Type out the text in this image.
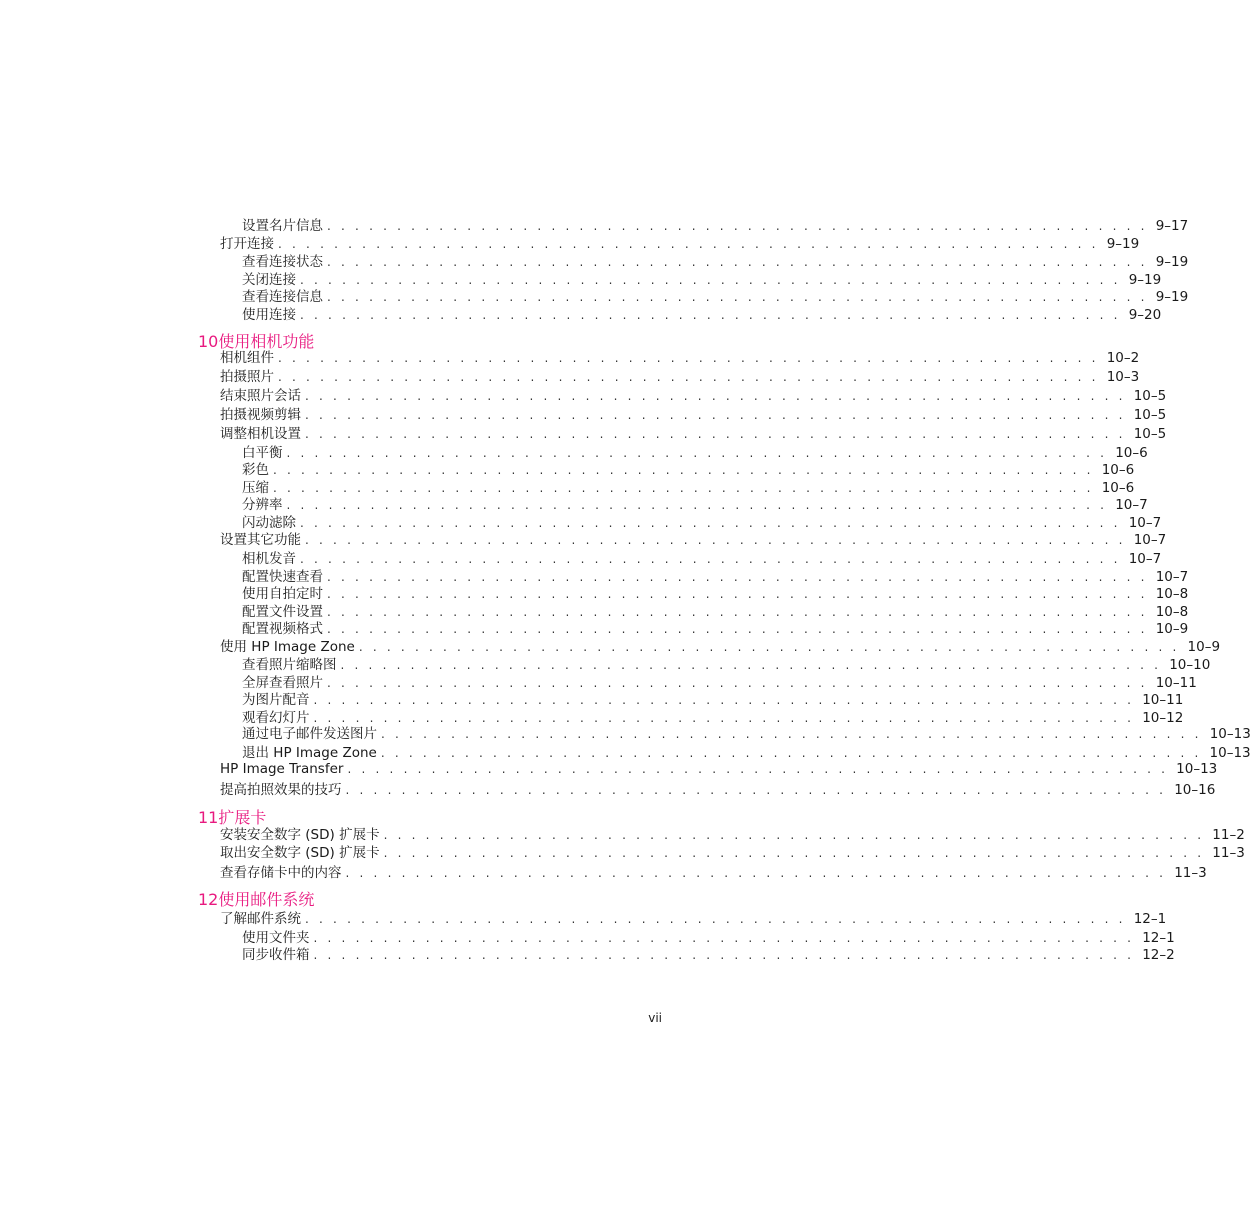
设置名片信息 . . . . . . . . . . . . . . . . . . . . . . . . . . . . . . . . . . . . . . . . . . . . . . . . . . . . . . . . . . . 9–17
打开连接 . . . . . . . . . . . . . . . . . . . . . . . . . . . . . . . . . . . . . . . . . . . . . . . . . . . . . . . . . . . 9–19
查看连接状态 . . . . . . . . . . . . . . . . . . . . . . . . . . . . . . . . . . . . . . . . . . . . . . . . . . . . . . . . . . . 9–19
关闭连接 . . . . . . . . . . . . . . . . . . . . . . . . . . . . . . . . . . . . . . . . . . . . . . . . . . . . . . . . . . . 9–19
查看连接信息 . . . . . . . . . . . . . . . . . . . . . . . . . . . . . . . . . . . . . . . . . . . . . . . . . . . . . . . . . . . 9–19
使用连接 . . . . . . . . . . . . . . . . . . . . . . . . . . . . . . . . . . . . . . . . . . . . . . . . . . . . . . . . . . . 9–20
10使用相机功能
相机组件 . . . . . . . . . . . . . . . . . . . . . . . . . . . . . . . . . . . . . . . . . . . . . . . . . . . . . . . . . . . 10–2
拍摄照片 . . . . . . . . . . . . . . . . . . . . . . . . . . . . . . . . . . . . . . . . . . . . . . . . . . . . . . . . . . . 10–3
结束照片会话 . . . . . . . . . . . . . . . . . . . . . . . . . . . . . . . . . . . . . . . . . . . . . . . . . . . . . . . . . . . 10–5
拍摄视频剪辑 . . . . . . . . . . . . . . . . . . . . . . . . . . . . . . . . . . . . . . . . . . . . . . . . . . . . . . . . . . . 10–5
调整相机设置 . . . . . . . . . . . . . . . . . . . . . . . . . . . . . . . . . . . . . . . . . . . . . . . . . . . . . . . . . . . 10–5
白平衡 . . . . . . . . . . . . . . . . . . . . . . . . . . . . . . . . . . . . . . . . . . . . . . . . . . . . . . . . . . . 10–6
彩色 . . . . . . . . . . . . . . . . . . . . . . . . . . . . . . . . . . . . . . . . . . . . . . . . . . . . . . . . . . . 10–6
压缩 . . . . . . . . . . . . . . . . . . . . . . . . . . . . . . . . . . . . . . . . . . . . . . . . . . . . . . . . . . . 10–6
分辨率 . . . . . . . . . . . . . . . . . . . . . . . . . . . . . . . . . . . . . . . . . . . . . . . . . . . . . . . . . . . 10–7
闪动滤除 . . . . . . . . . . . . . . . . . . . . . . . . . . . . . . . . . . . . . . . . . . . . . . . . . . . . . . . . . . . 10–7
设置其它功能 . . . . . . . . . . . . . . . . . . . . . . . . . . . . . . . . . . . . . . . . . . . . . . . . . . . . . . . . . . . 10–7
相机发音 . . . . . . . . . . . . . . . . . . . . . . . . . . . . . . . . . . . . . . . . . . . . . . . . . . . . . . . . . . . 10–7
配置快速查看 . . . . . . . . . . . . . . . . . . . . . . . . . . . . . . . . . . . . . . . . . . . . . . . . . . . . . . . . . . . 10–7
使用自拍定时 . . . . . . . . . . . . . . . . . . . . . . . . . . . . . . . . . . . . . . . . . . . . . . . . . . . . . . . . . . . 10–8
配置文件设置 . . . . . . . . . . . . . . . . . . . . . . . . . . . . . . . . . . . . . . . . . . . . . . . . . . . . . . . . . . . 10–8
配置视频格式 . . . . . . . . . . . . . . . . . . . . . . . . . . . . . . . . . . . . . . . . . . . . . . . . . . . . . . . . . . . 10–9
使用 HP Image Zone . . . . . . . . . . . . . . . . . . . . . . . . . . . . . . . . . . . . . . . . . . . . . . . . . . . . . . . . . . . 10–9
查看照片缩略图 . . . . . . . . . . . . . . . . . . . . . . . . . . . . . . . . . . . . . . . . . . . . . . . . . . . . . . . . . . . 10–10
全屏查看照片 . . . . . . . . . . . . . . . . . . . . . . . . . . . . . . . . . . . . . . . . . . . . . . . . . . . . . . . . . . . 10–11
为图片配音 . . . . . . . . . . . . . . . . . . . . . . . . . . . . . . . . . . . . . . . . . . . . . . . . . . . . . . . . . . . 10–11
观看幻灯片 . . . . . . . . . . . . . . . . . . . . . . . . . . . . . . . . . . . . . . . . . . . . . . . . . . . . . . . . . . . 10–12
通过电子邮件发送图片 . . . . . . . . . . . . . . . . . . . . . . . . . . . . . . . . . . . . . . . . . . . . . . . . . . . . . . . . . . . 10–13
退出 HP Image Zone . . . . . . . . . . . . . . . . . . . . . . . . . . . . . . . . . . . . . . . . . . . . . . . . . . . . . . . . . . . 10–13
HP Image Transfer . . . . . . . . . . . . . . . . . . . . . . . . . . . . . . . . . . . . . . . . . . . . . . . . . . . . . . . . . . . 10–13
提高拍照效果的技巧 . . . . . . . . . . . . . . . . . . . . . . . . . . . . . . . . . . . . . . . . . . . . . . . . . . . . . . . . . . . 10–16
11扩展卡
安装安全数字 (SD) 扩展卡 . . . . . . . . . . . . . . . . . . . . . . . . . . . . . . . . . . . . . . . . . . . . . . . . . . . . . . . . . . . 11–2
取出安全数字 (SD) 扩展卡 . . . . . . . . . . . . . . . . . . . . . . . . . . . . . . . . . . . . . . . . . . . . . . . . . . . . . . . . . . . 11–3
查看存储卡中的内容 . . . . . . . . . . . . . . . . . . . . . . . . . . . . . . . . . . . . . . . . . . . . . . . . . . . . . . . . . . . 11–3
12使用邮件系统
了解邮件系统 . . . . . . . . . . . . . . . . . . . . . . . . . . . . . . . . . . . . . . . . . . . . . . . . . . . . . . . . . . . 12–1
使用文件夹 . . . . . . . . . . . . . . . . . . . . . . . . . . . . . . . . . . . . . . . . . . . . . . . . . . . . . . . . . . . 12–1
同步收件箱 . . . . . . . . . . . . . . . . . . . . . . . . . . . . . . . . . . . . . . . . . . . . . . . . . . . . . . . . . . . 12–2
vii
